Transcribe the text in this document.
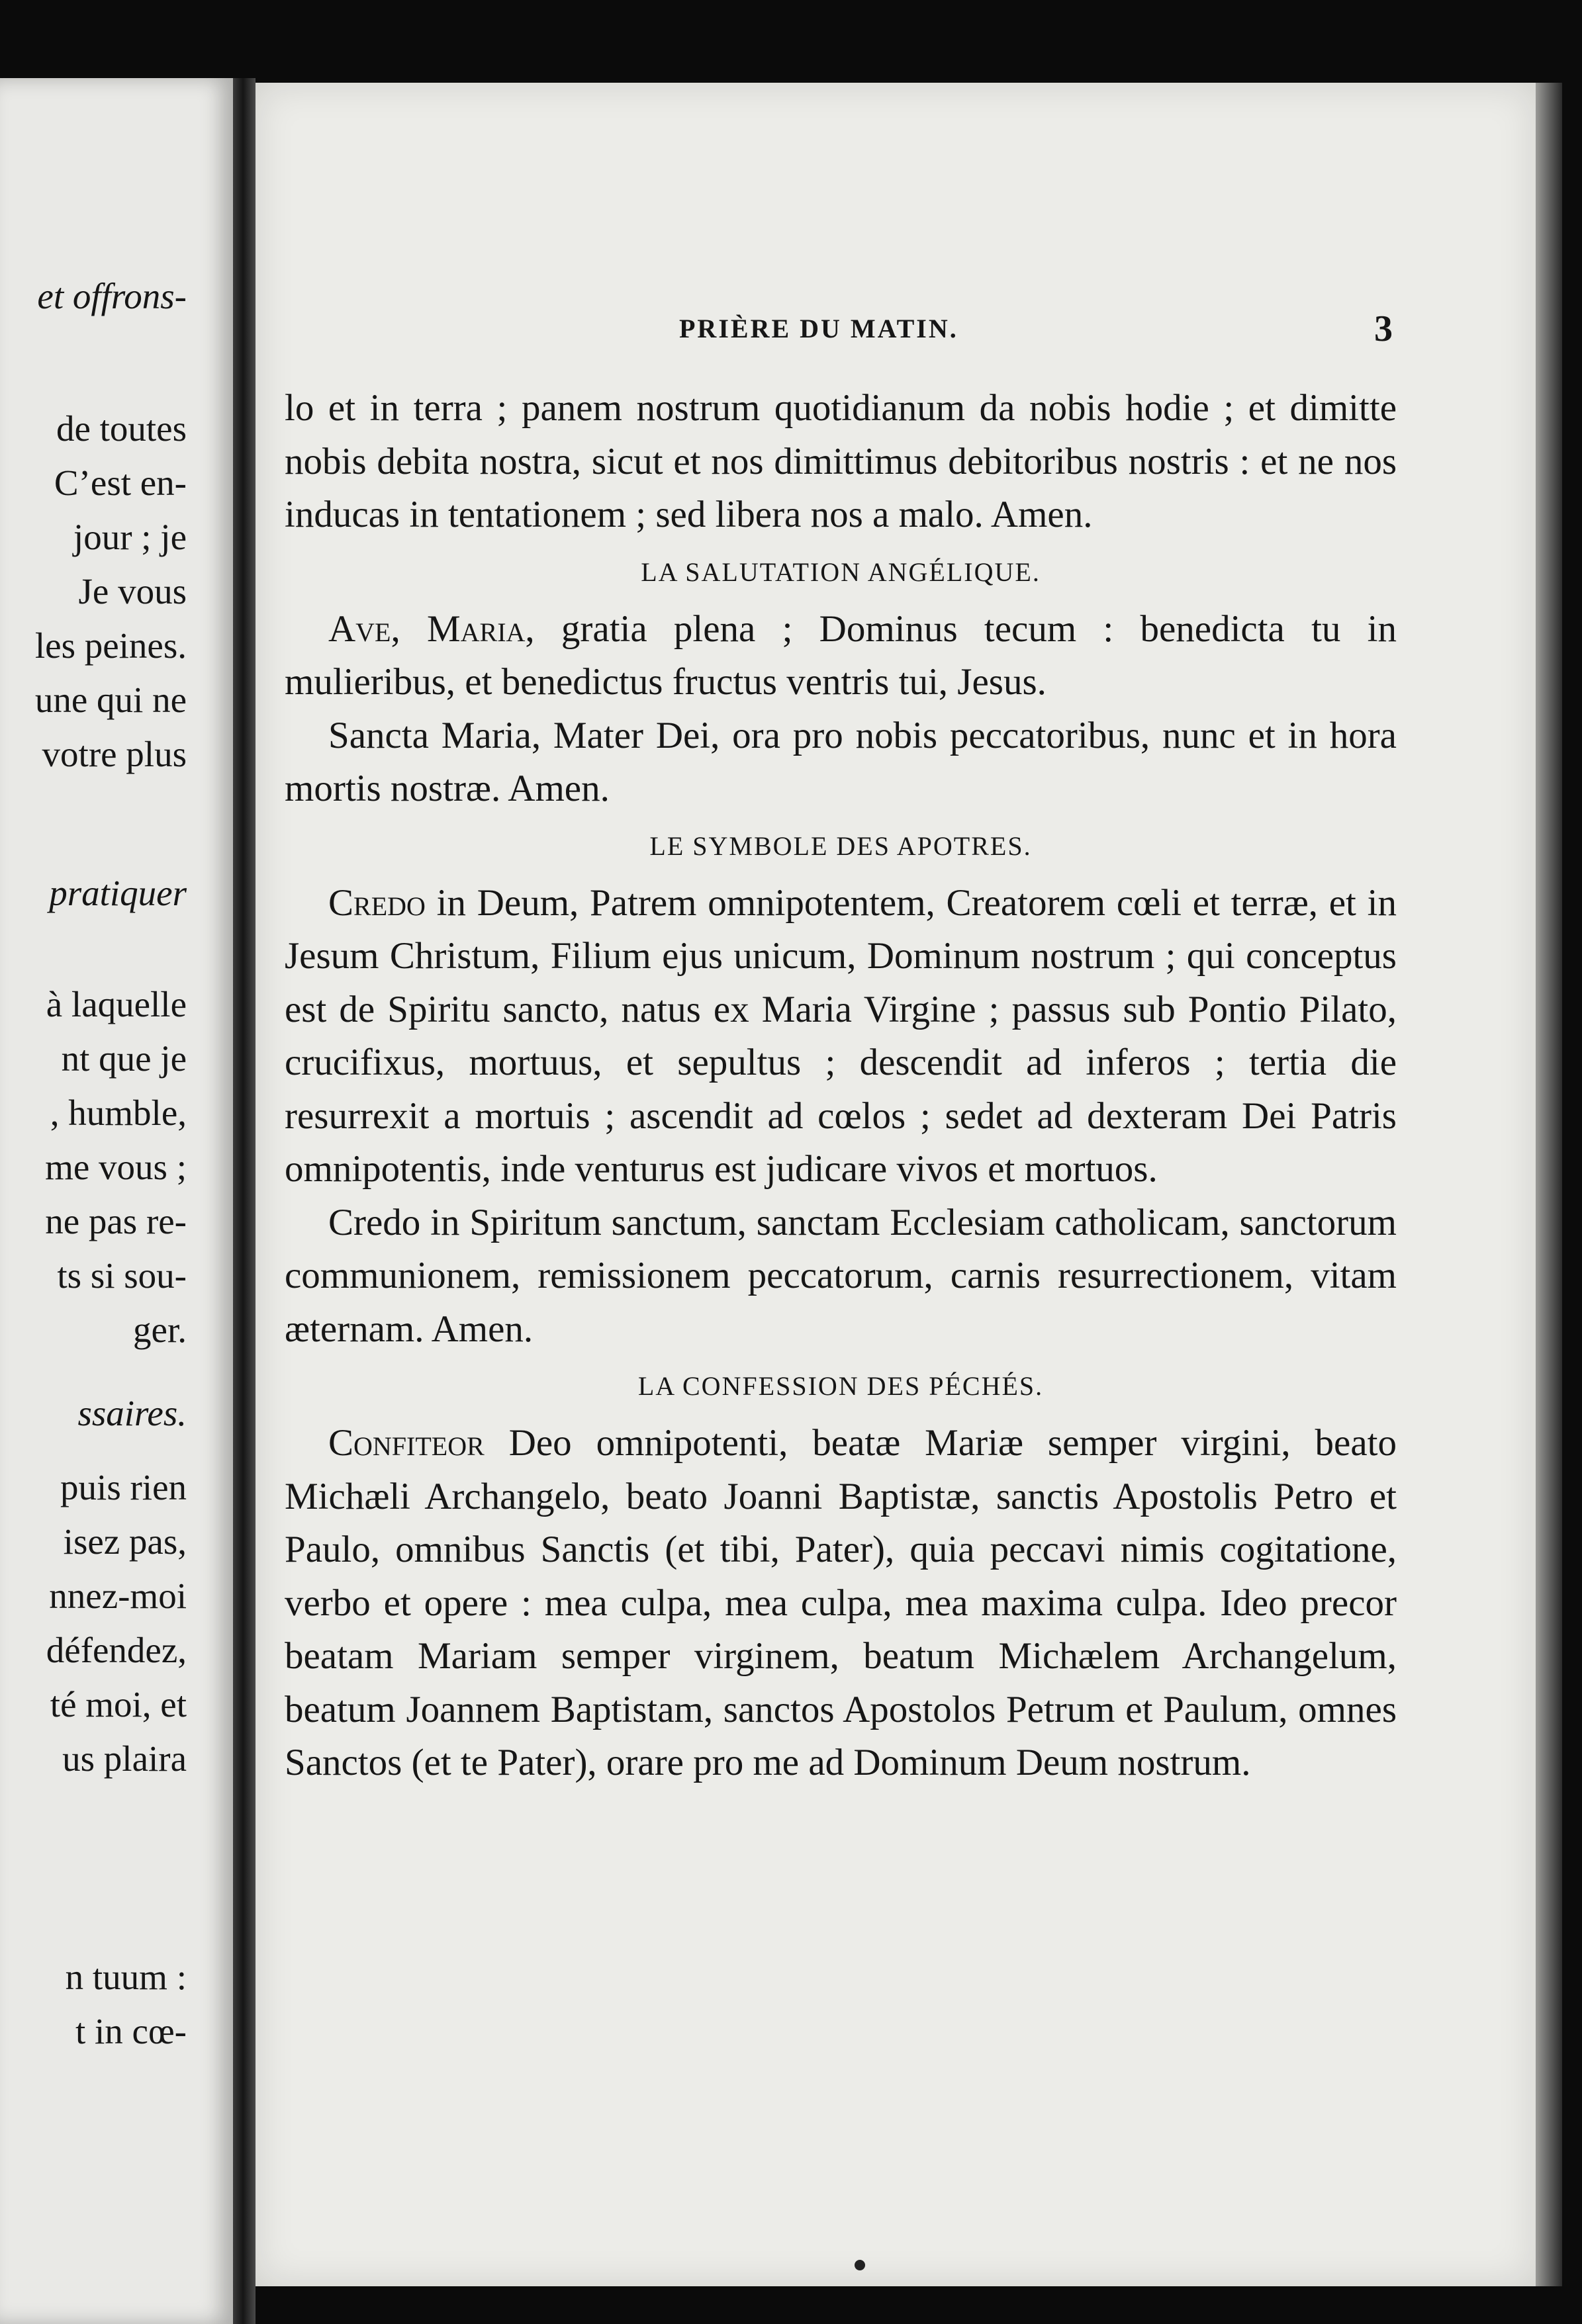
et offrons-
de toutes
C’est en-
jour ; je
Je vous
les peines.
une qui ne
votre plus
pratiquer
à laquelle
nt que je
, humble,
me vous ;
ne pas re-
ts si sou-
ger.
ssaires.
puis rien
isez pas,
nnez-moi
défendez,
té moi, et
us plaira
n tuum :
t in cœ-
PRIÈRE DU MATIN.	3

lo et in terra ; panem nostrum quotidianum da nobis hodie ; et dimitte nobis debita nostra, sicut et nos dimittimus debitoribus nostris : et ne nos inducas in tentationem ; sed libera nos a malo. Amen.

LA SALUTATION ANGÉLIQUE.

Ave, Maria, gratia plena ; Dominus tecum : benedicta tu in mulieribus, et benedictus fructus ventris tui, Jesus.

Sancta Maria, Mater Dei, ora pro nobis peccatoribus, nunc et in hora mortis nostræ. Amen.

LE SYMBOLE DES APOTRES.

Credo in Deum, Patrem omnipotentem, Creatorem cœli et terræ, et in Jesum Christum, Filium ejus unicum, Dominum nostrum ; qui conceptus est de Spiritu sancto, natus ex Maria Virgine ; passus sub Pontio Pilato, crucifixus, mortuus, et sepultus ; descendit ad inferos ; tertia die resurrexit a mortuis ; ascendit ad cœlos ; sedet ad dexteram Dei Patris omnipotentis, inde venturus est judicare vivos et mortuos.

Credo in Spiritum sanctum, sanctam Ecclesiam catholicam, sanctorum communionem, remissionem peccatorum, carnis resurrectionem, vitam æternam. Amen.

LA CONFESSION DES PÉCHÉS.

Confiteor Deo omnipotenti, beatæ Mariæ semper virgini, beato Michæli Archangelo, beato Joanni Baptistæ, sanctis Apostolis Petro et Paulo, omnibus Sanctis (et tibi, Pater), quia peccavi nimis cogitatione, verbo et opere : mea culpa, mea culpa, mea maxima culpa. Ideo precor beatam Mariam semper virginem, beatum Michælem Archangelum, beatum Joannem Baptistam, sanctos Apostolos Petrum et Paulum, omnes Sanctos (et te Pater), orare pro me ad Dominum Deum nostrum.
